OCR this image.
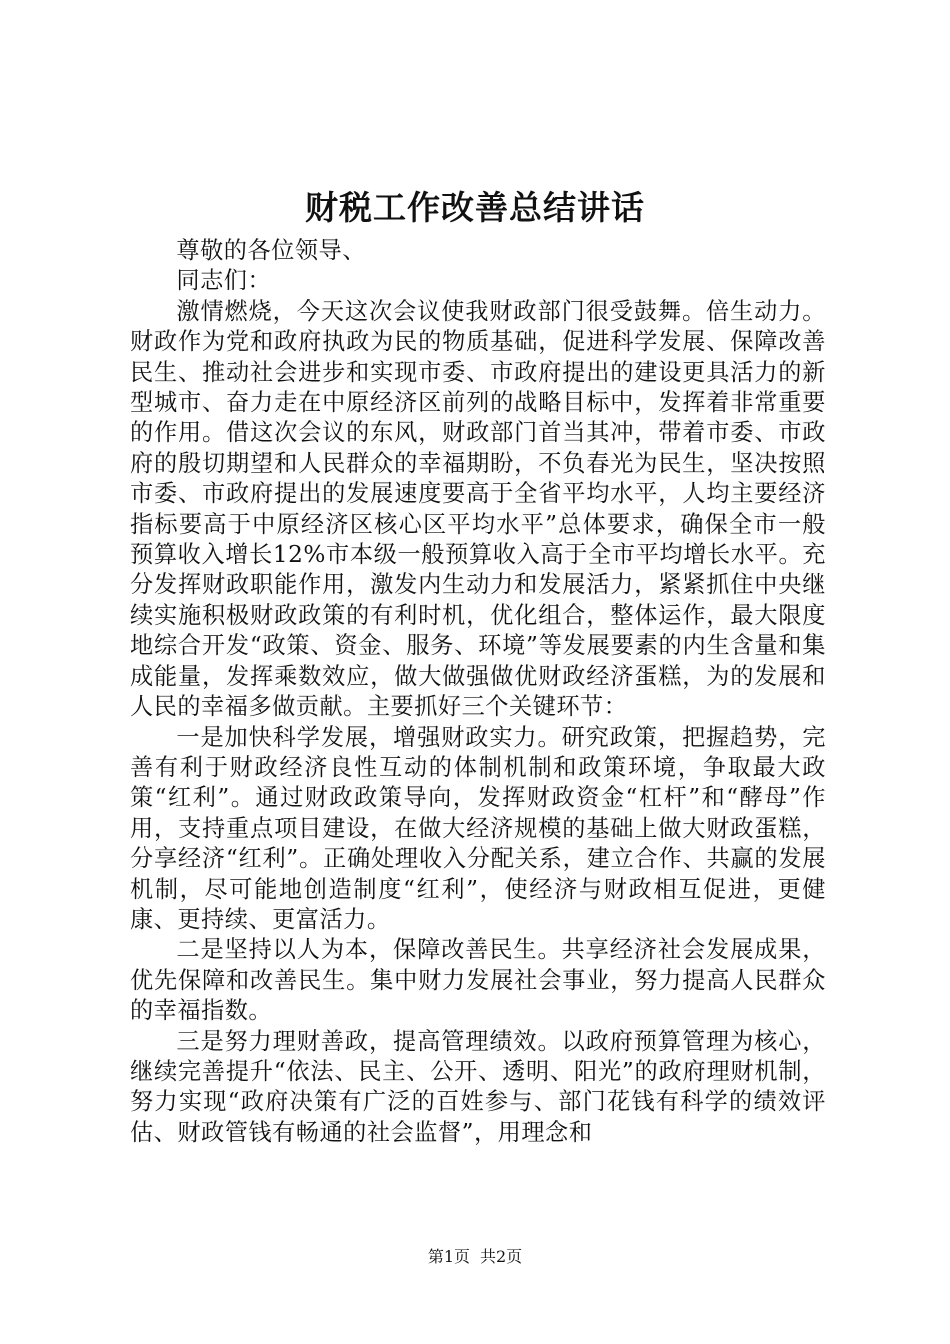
财税工作改善总结讲话

尊敬的各位领导、

同志们：

激情燃烧，今天这次会议使我财政部门很受鼓舞。倍生动力。财政作为党和政府执政为民的物质基础，促进科学发展、保障改善民生、推动社会进步和实现市委、市政府提出的建设更具活力的新型城市、奋力走在中原经济区前列的战略目标中，发挥着非常重要的作用。借这次会议的东风，财政部门首当其冲，带着市委、市政府的殷切期望和人民群众的幸福期盼，不负春光为民生，坚决按照市委、市政府提出的发展速度要高于全省平均水平，人均主要经济指标要高于中原经济区核心区平均水平”总体要求，确保全市一般预算收入增长12%市本级一般预算收入高于全市平均增长水平。充分发挥财政职能作用，激发内生动力和发展活力，紧紧抓住中央继续实施积极财政政策的有利时机，优化组合，整体运作，最大限度地综合开发“政策、资金、服务、环境”等发展要素的内生含量和集成能量，发挥乘数效应，做大做强做优财政经济蛋糕，为的发展和人民的幸福多做贡献。主要抓好三个关键环节：

一是加快科学发展，增强财政实力。研究政策，把握趋势，完善有利于财政经济良性互动的体制机制和政策环境，争取最大政策“红利”。通过财政政策导向，发挥财政资金“杠杆”和“酵母”作用，支持重点项目建设，在做大经济规模的基础上做大财政蛋糕，分享经济“红利”。正确处理收入分配关系，建立合作、共赢的发展机制，尽可能地创造制度“红利”，使经济与财政相互促进，更健康、更持续、更富活力。

二是坚持以人为本，保障改善民生。共享经济社会发展成果，优先保障和改善民生。集中财力发展社会事业，努力提高人民群众的幸福指数。

三是努力理财善政，提高管理绩效。以政府预算管理为核心，继续完善提升“依法、民主、公开、透明、阳光”的政府理财机制，努力实现“政府决策有广泛的百姓参与、部门花钱有科学的绩效评估、财政管钱有畅通的社会监督”，用理念和

第1页 共2页
